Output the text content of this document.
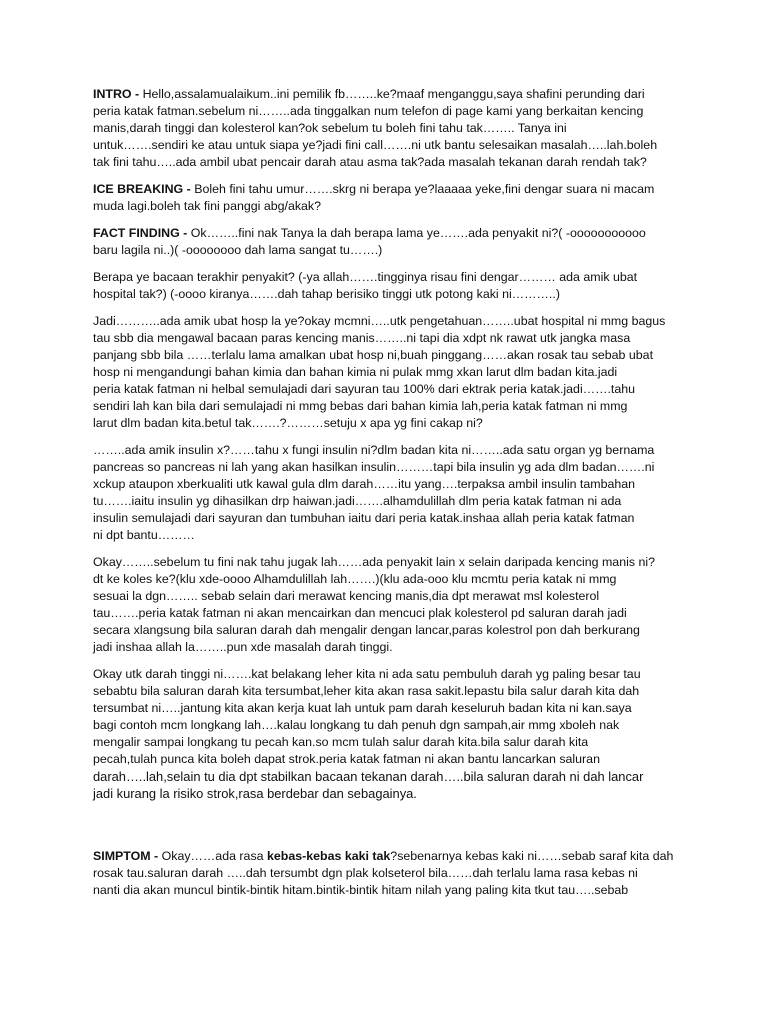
INTRO - Hello,assalamualaikum..ini pemilik fb……..ke?maaf menganggu,saya shafini perunding dari
peria katak fatman.sebelum ni……..ada tinggalkan num telefon di page kami yang berkaitan kencing
manis,darah tinggi dan kolesterol kan?ok sebelum tu boleh fini tahu tak…….. Tanya ini
untuk…….sendiri ke atau untuk siapa ye?jadi fini call…….ni utk bantu selesaikan masalah…..lah.boleh
tak fini tahu…..ada ambil ubat pencair darah atau asma tak?ada masalah tekanan darah rendah tak?

ICE BREAKING - Boleh fini tahu umur…….skrg ni berapa ye?laaaaa yeke,fini dengar suara ni macam
muda lagi.boleh tak fini panggi abg/akak?

FACT FINDING - Ok……..fini nak Tanya la dah berapa lama ye…….ada penyakit ni?( -ooooooooooo
baru lagila ni..)( -oooooooo dah lama sangat tu…….)

Berapa ye bacaan terakhir penyakit? (-ya allah…….tingginya risau fini dengar……… ada amik ubat
hospital tak?) (-oooo kiranya…….dah tahap berisiko tinggi utk potong kaki ni………..)

Jadi………..ada amik ubat hosp la ye?okay mcmni…..utk pengetahuan……..ubat hospital ni mmg bagus
tau sbb dia mengawal bacaan paras kencing manis……..ni tapi dia xdpt nk rawat utk jangka masa
panjang sbb bila ……terlalu lama amalkan ubat hosp ni,buah pinggang……akan rosak tau sebab ubat
hosp ni mengandungi bahan kimia dan bahan kimia ni pulak mmg xkan larut dlm badan kita.jadi
peria katak fatman ni helbal semulajadi dari sayuran tau 100% dari ektrak peria katak.jadi…….tahu
sendiri lah kan bila dari semulajadi ni mmg bebas dari bahan kimia lah,peria katak fatman ni mmg
larut dlm badan kita.betul tak…….?………setuju x apa yg fini cakap ni?

……..ada amik insulin x?……tahu x fungi insulin ni?dlm badan kita ni……..ada satu organ yg bernama
pancreas so pancreas ni lah yang akan hasilkan insulin………tapi bila insulin yg ada dlm badan…….ni
xckup ataupon xberkualiti utk kawal gula dlm darah……itu yang….terpaksa ambil insulin tambahan
tu…….iaitu insulin yg dihasilkan drp haiwan.jadi…….alhamdulillah dlm peria katak fatman ni ada
insulin semulajadi dari sayuran dan tumbuhan iaitu dari peria katak.inshaa allah peria katak fatman
ni dpt bantu………

Okay……..sebelum tu fini nak tahu jugak lah……ada penyakit lain x selain daripada kencing manis ni?
dt ke koles ke?(klu xde-oooo Alhamdulillah lah…….)(klu ada-ooo klu mcmtu peria katak ni mmg
sesuai la dgn…….. sebab selain dari merawat kencing manis,dia dpt merawat msl kolesterol
tau…….peria katak fatman ni akan mencairkan dan mencuci plak kolesterol pd saluran darah jadi
secara xlangsung bila saluran darah dah mengalir dengan lancar,paras kolestrol pon dah berkurang
jadi inshaa allah la……..pun xde masalah darah tinggi.

Okay utk darah tinggi ni…….kat belakang leher kita ni ada satu pembuluh darah yg paling besar tau
sebabtu bila saluran darah kita tersumbat,leher kita akan rasa sakit.lepastu bila salur darah kita dah
tersumbat ni…..jantung kita akan kerja kuat lah untuk pam darah keseluruh badan kita ni kan.saya
bagi contoh mcm longkang lah….kalau longkang tu dah penuh dgn sampah,air mmg xboleh nak
mengalir sampai longkang tu pecah kan.so mcm tulah salur darah kita.bila salur darah kita
pecah,tulah punca kita boleh dapat strok.peria katak fatman ni akan bantu lancarkan saluran
darah…..lah,selain tu dia dpt stabilkan bacaan tekanan darah…..bila saluran darah ni dah lancar
jadi kurang la risiko strok,rasa berdebar dan sebagainya.

SIMPTOM - Okay……ada rasa kebas-kebas kaki tak?sebenarnya kebas kaki ni……sebab saraf kita dah
rosak tau.saluran darah …..dah tersumbt dgn plak kolseterol bila……dah terlalu lama rasa kebas ni
nanti dia akan muncul bintik-bintik hitam.bintik-bintik hitam nilah yang paling kita tkut tau…..sebab
